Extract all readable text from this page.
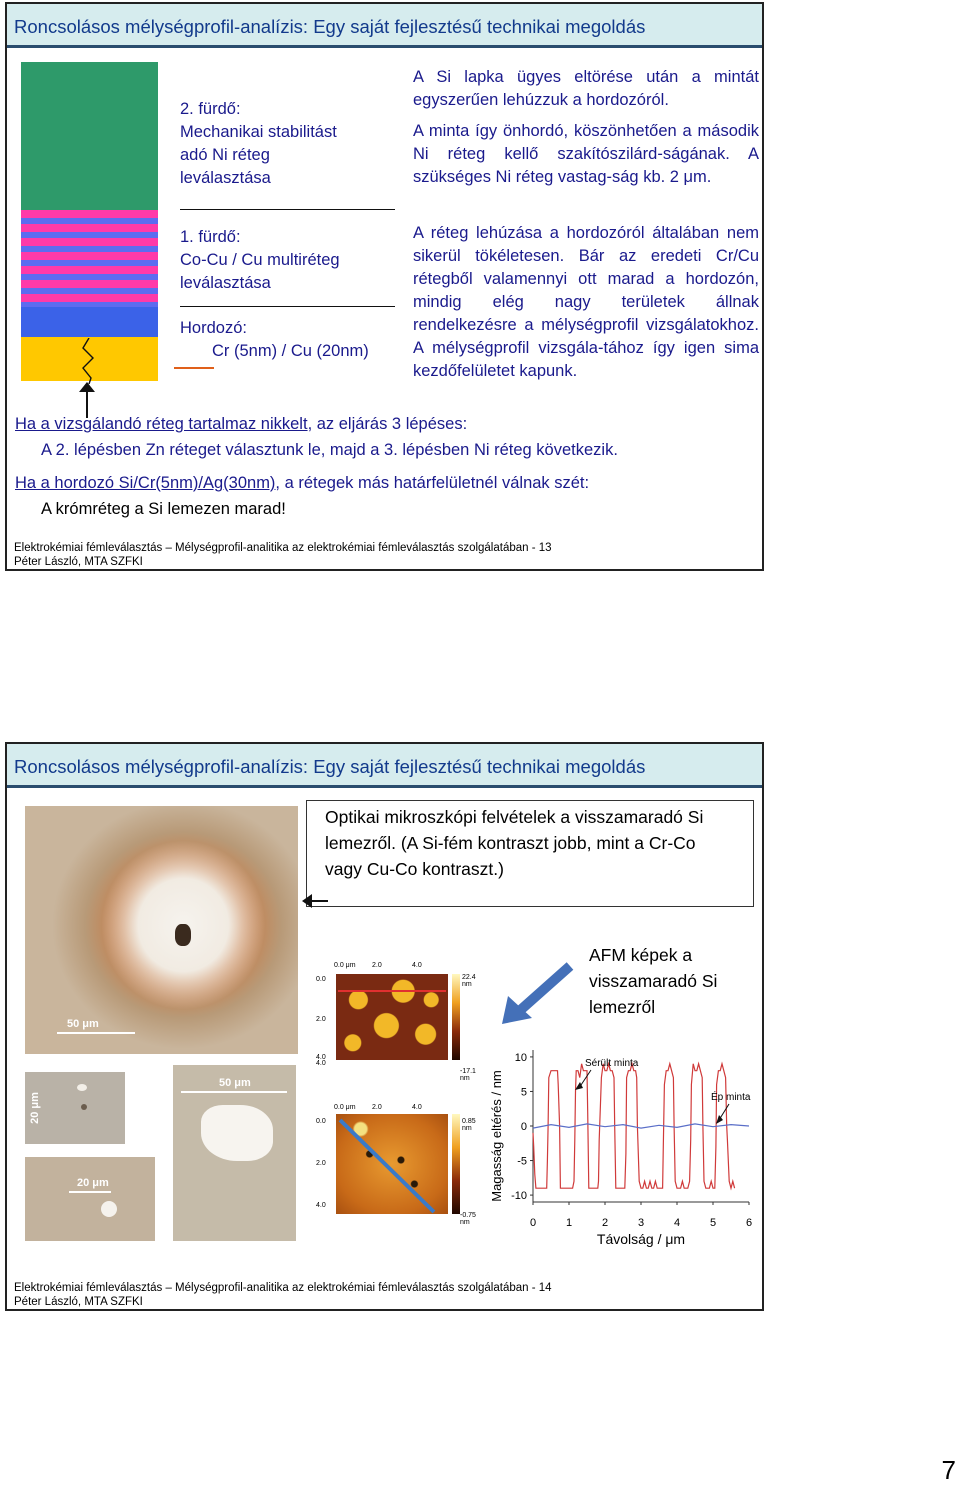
Roncsolásos mélységprofil-analízis: Egy saját fejlesztésű technikai megoldás
2. fürdő:
Mechanikai stabilitást
adó Ni réteg
leválasztása
1. fürdő:
Co-Cu / Cu multiréteg
leválasztása
Hordozó:
Cr (5nm) / Cu (20nm)
A Si lapka ügyes eltörése után a mintát egyszerűen lehúzzuk a hordozóról.
A minta így önhordó, köszönhetően a második Ni réteg kellő szakítószilárd-ságának. A szükséges Ni réteg vastag-ság kb. 2 μm.
A réteg lehúzása a hordozóról általában nem sikerül tökéletesen. Bár az eredeti Cr/Cu rétegből valamennyi ott marad a hordozón, mindig elég nagy területek állnak rendelkezésre a mélységprofil vizsgálatokhoz. A mélységprofil vizsgála-tához így igen sima kezdőfelületet kapunk.
Ha a vizsgálandó réteg tartalmaz nikkelt, az eljárás 3 lépéses:
A 2. lépésben Zn réteget választunk le, majd a 3. lépésben Ni réteg következik.
Ha a hordozó Si/Cr(5nm)/Ag(30nm), a rétegek más határfelületnél válnak szét:
A krómréteg a Si lemezen marad!
Elektrokémiai fémleválasztás – Mélységprofil-analitika az elektrokémiai fémleválasztás szolgálatában - 13
Péter László, MTA SZFKI
Roncsolásos mélységprofil-analízis: Egy saját fejlesztésű technikai megoldás
50 μm
20 μm
20 μm
50 μm
Optikai mikroszkópi felvételek a visszamaradó Si lemezről. (A Si-fém kontraszt jobb, mint a Cr-Co vagy Cu-Co kontraszt.)
AFM képek a visszamaradó Si lemezről
0.0 μm 2.0	4.0
0.0
2.0
4.0
22.4 nm
4.0
-17.1 nm
0.0 μm 2.0	4.0
0.0
2.0
4.0
0.85 nm
-0.75 nm
10
5
0
-5
-10
0	1	2	3	4	5	6
Távolság / μm
Magasság eltérés / nm
Sérült minta
Ép minta
Elektrokémiai fémleválasztás – Mélységprofil-analitika az elektrokémiai fémleválasztás szolgálatában - 14
Péter László, MTA SZFKI
7
